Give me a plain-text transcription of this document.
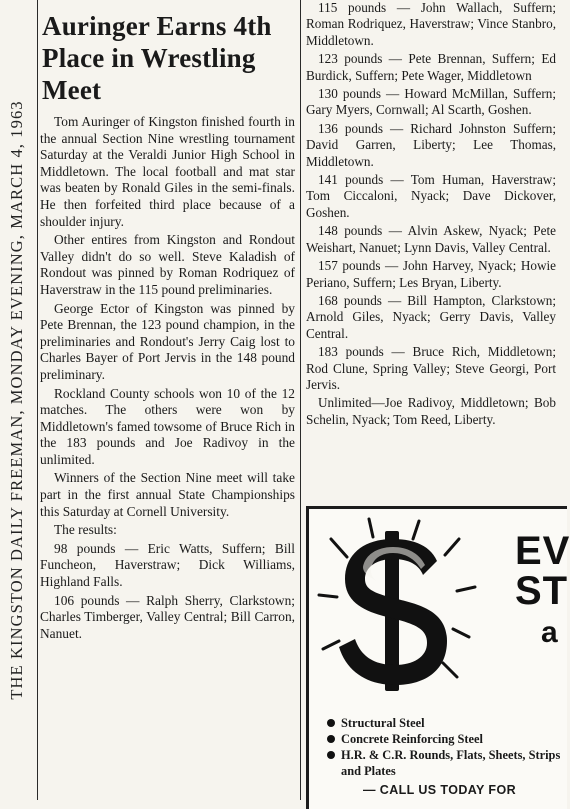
THE KINGSTON DAILY FREEMAN, MONDAY EVENING, MARCH 4, 1963
Auringer Earns 4th Place in Wrestling Meet

Tom Auringer of Kingston finished fourth in the annual Section Nine wrestling tournament Saturday at the Veraldi Junior High School in Middletown. The local football and mat star was beaten by Ronald Giles in the semi-finals. He then forfeited third place because of a shoulder injury.

Other entires from Kingston and Rondout Valley didn't do so well. Steve Kaladish of Rondout was pinned by Roman Rodriquez of Haverstraw in the 115 pound preliminaries.

George Ector of Kingston was pinned by Pete Brennan, the 123 pound champion, in the preliminaries and Rondout's Jerry Caig lost to Charles Bayer of Port Jervis in the 148 pound preliminary.

Rockland County schools won 10 of the 12 matches. The others were won by Middletown's famed towsome of Bruce Rich in the 183 pounds and Joe Radivoy in the unlimited.

Winners of the Section Nine meet will take part in the first annual State Championships this Saturday at Cornell University.

The results:

98 pounds — Eric Watts, Suffern; Bill Funcheon, Haverstraw; Dick Williams, Highland Falls.

106 pounds — Ralph Sherry, Clarkstown; Charles Timberger, Valley Central; Bill Carron, Nanuet.

115 pounds — John Wallach, Suffern; Roman Rodriquez, Haverstraw; Vince Stanbro, Middletown.

123 pounds — Pete Brennan, Suffern; Ed Burdick, Suffern; Pete Wager, Middletown

130 pounds — Howard McMillan, Suffern; Gary Myers, Cornwall; Al Scarth, Goshen.

136 pounds — Richard Johnston Suffern; David Garren, Liberty; Lee Thomas, Middletown.

141 pounds — Tom Human, Haverstraw; Tom Ciccaloni, Nyack; Dave Dickover, Goshen.

148 pounds — Alvin Askew, Nyack; Pete Weishart, Nanuet; Lynn Davis, Valley Central.

157 pounds — John Harvey, Nyack; Howie Periano, Suffern; Les Bryan, Liberty.

168 pounds — Bill Hampton, Clarkstown; Arnold Giles, Nyack; Gerry Davis, Valley Central.

183 pounds — Bruce Rich, Middletown; Rod Clune, Spring Valley; Steve Georgi, Port Jervis.

Unlimited—Joe Radivoy, Middletown; Bob Schelin, Nyack; Tom Reed, Liberty.

EV
ST
a
Structural Steel
Concrete Reinforcing Steel
H.R. & C.R. Rounds, Flats, Sheets, Strips and Plates
— CALL US TODAY FOR
